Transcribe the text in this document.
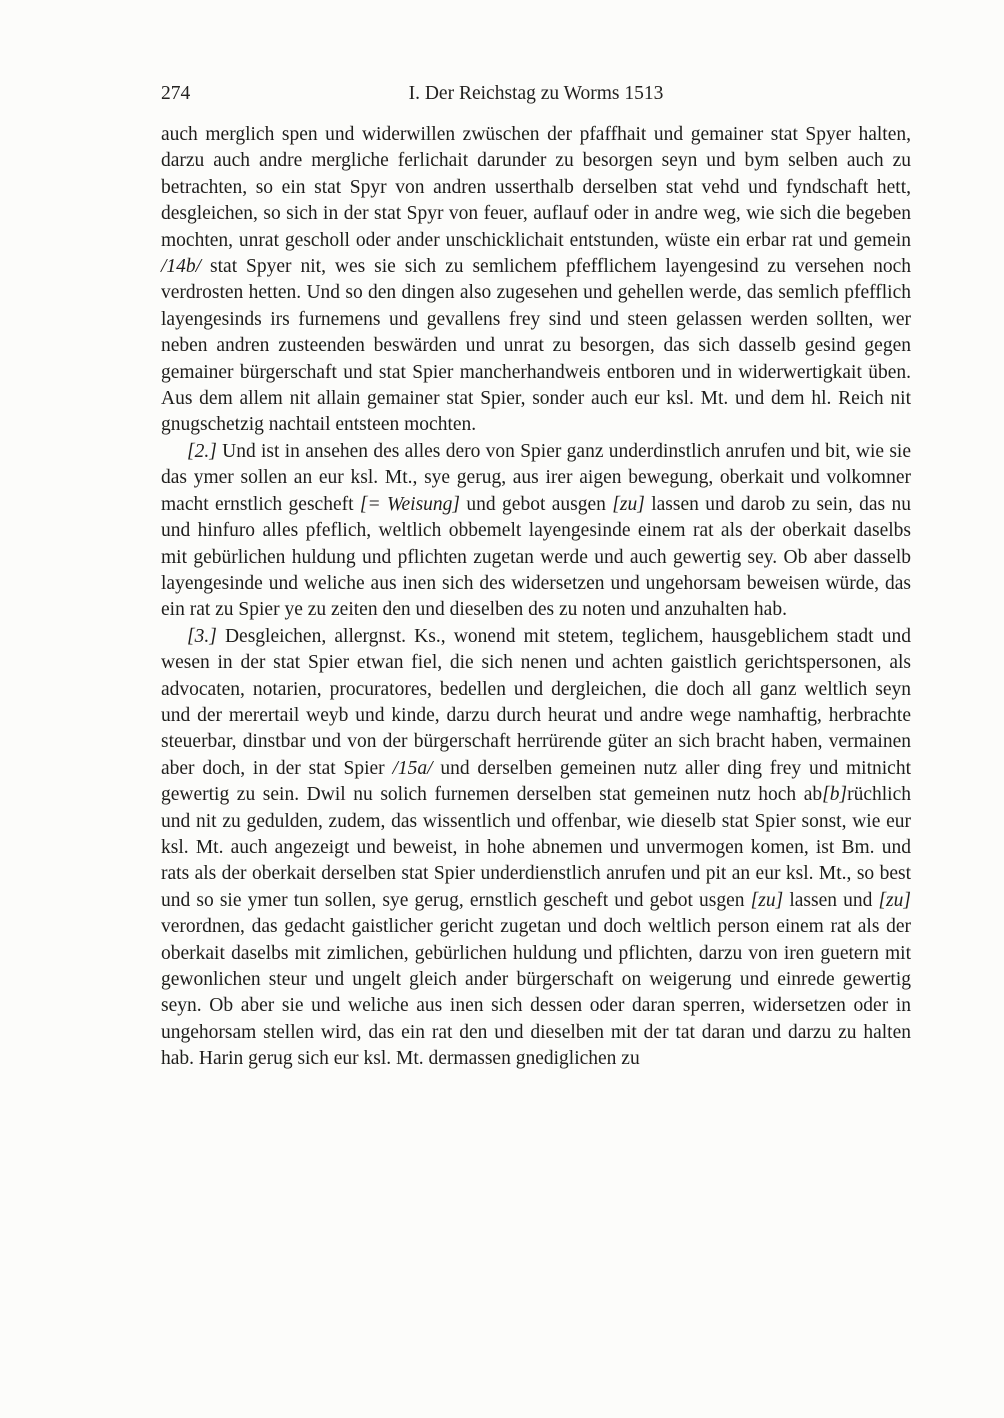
274	I. Der Reichstag zu Worms 1513

auch merglich spen und widerwillen zwüschen der pfaffhait und gemainer stat Spyer halten, darzu auch andre mergliche ferlichait darunder zu besorgen seyn und bym selben auch zu betrachten, so ein stat Spyr von andren usserthalb derselben stat vehd und fyndschaft hett, desgleichen, so sich in der stat Spyr von feuer, auflauf oder in andre weg, wie sich die begeben mochten, unrat gescholl oder ander unschicklichait entstunden, wüste ein erbar rat und gemein /14b/ stat Spyer nit, wes sie sich zu semlichem pfefflichem layengesind zu versehen noch verdrosten hetten. Und so den dingen also zugesehen und gehellen werde, das semlich pfefflich layengesinds irs furnemens und gevallens frey sind und steen gelassen werden sollten, wer neben andren zusteenden beswärden und unrat zu besorgen, das sich dasselb gesind gegen gemainer bürgerschaft und stat Spier mancherhandweis entboren und in widerwertigkait üben. Aus dem allem nit allain gemainer stat Spier, sonder auch eur ksl. Mt. und dem hl. Reich nit gnugschetzig nachtail entsteen mochten.

[2.] Und ist in ansehen des alles dero von Spier ganz underdinstlich anrufen und bit, wie sie das ymer sollen an eur ksl. Mt., sye gerug, aus irer aigen bewegung, oberkait und volkomner macht ernstlich gescheft [= Weisung] und gebot ausgen [zu] lassen und darob zu sein, das nu und hinfuro alles pfeflich, weltlich obbemelt layengesinde einem rat als der oberkait daselbs mit gebürlichen huldung und pflichten zugetan werde und auch gewertig sey. Ob aber dasselb layengesinde und weliche aus inen sich des widersetzen und ungehorsam beweisen würde, das ein rat zu Spier ye zu zeiten den und dieselben des zu noten und anzuhalten hab.

[3.] Desgleichen, allergnst. Ks., wonend mit stetem, teglichem, hausgeblichem stadt und wesen in der stat Spier etwan fiel, die sich nenen und achten gaistlich gerichtspersonen, als advocaten, notarien, procuratores, bedellen und dergleichen, die doch all ganz weltlich seyn und der merertail weyb und kinde, darzu durch heurat und andre wege namhaftig, herbrachte steuerbar, dinstbar und von der bürgerschaft herrürende güter an sich bracht haben, vermainen aber doch, in der stat Spier /15a/ und derselben gemeinen nutz aller ding frey und mitnicht gewertig zu sein. Dwil nu solich furnemen derselben stat gemeinen nutz hoch ab[b]rüchlich und nit zu gedulden, zudem, das wissentlich und offenbar, wie dieselb stat Spier sonst, wie eur ksl. Mt. auch angezeigt und beweist, in hohe abnemen und unvermogen komen, ist Bm. und rats als der oberkait derselben stat Spier underdienstlich anrufen und pit an eur ksl. Mt., so best und so sie ymer tun sollen, sye gerug, ernstlich gescheft und gebot usgen [zu] lassen und [zu] verordnen, das gedacht gaistlicher gericht zugetan und doch weltlich person einem rat als der oberkait daselbs mit zimlichen, gebürlichen huldung und pflichten, darzu von iren guetern mit gewonlichen steur und ungelt gleich ander bürgerschaft on weigerung und einrede gewertig seyn. Ob aber sie und weliche aus inen sich dessen oder daran sperren, widersetzen oder in ungehorsam stellen wird, das ein rat den und dieselben mit der tat daran und darzu zu halten hab. Harin gerug sich eur ksl. Mt. dermassen gnediglichen zu
